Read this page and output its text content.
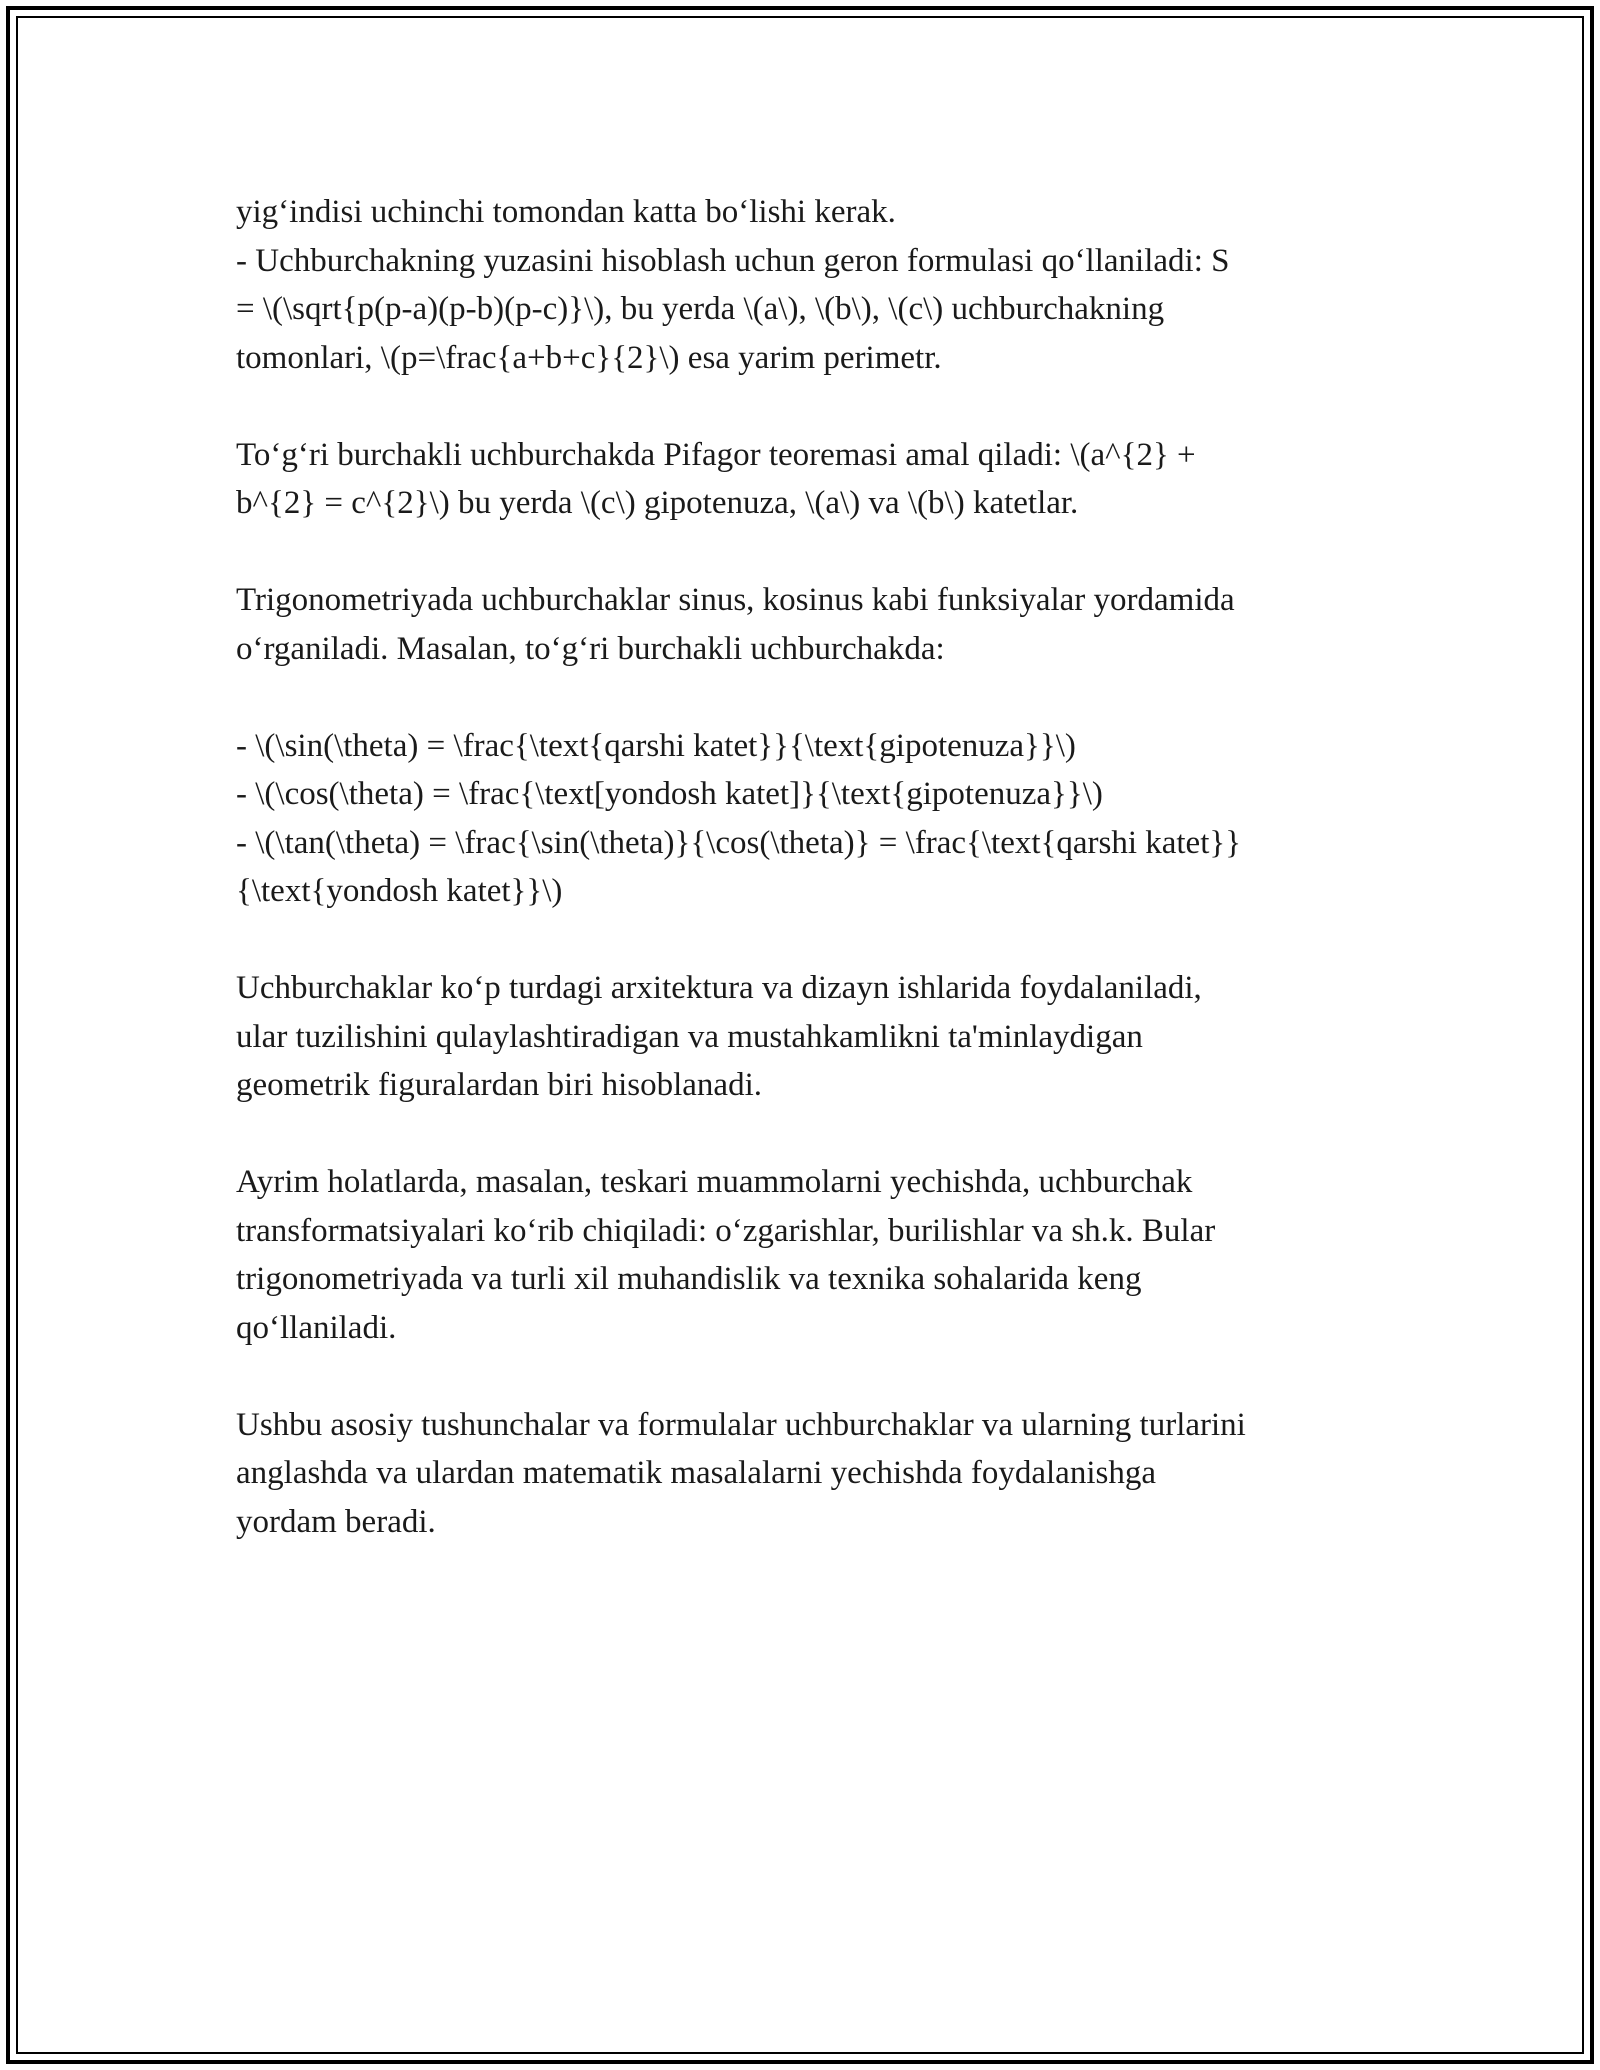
yig‘indisi uchinchi tomondan katta bo‘lishi kerak.
- Uchburchakning yuzasini hisoblash uchun geron formulasi qo‘llaniladi: S
= \(\sqrt{p(p-a)(p-b)(p-c)}\), bu yerda \(a\), \(b\), \(c\) uchburchakning
tomonlari, \(p=\frac{a+b+c}{2}\) esa yarim perimetr.
To‘g‘ri burchakli uchburchakda Pifagor teoremasi amal qiladi: \(a^{2} +
b^{2} = c^{2}\) bu yerda \(c\) gipotenuza, \(a\) va \(b\) katetlar.
Trigonometriyada uchburchaklar sinus, kosinus kabi funksiyalar yordamida
o‘rganiladi. Masalan, to‘g‘ri burchakli uchburchakda:
- \(\sin(\theta) = \frac{\text{qarshi katet}}{\text{gipotenuza}}\)
- \(\cos(\theta) = \frac{\text[yondosh katet]}{\text{gipotenuza}}\)
- \(\tan(\theta) = \frac{\sin(\theta)}{\cos(\theta)} = \frac{\text{qarshi katet}}
{\text{yondosh katet}}\)
Uchburchaklar ko‘p turdagi arxitektura va dizayn ishlarida foydalaniladi,
ular tuzilishini qulaylashtiradigan va mustahkamlikni ta'minlaydigan
geometrik figuralardan biri hisoblanadi.
Ayrim holatlarda, masalan, teskari muammolarni yechishda, uchburchak
transformatsiyalari ko‘rib chiqiladi: o‘zgarishlar, burilishlar va sh.k. Bular
trigonometriyada va turli xil muhandislik va texnika sohalarida keng
qo‘llaniladi.
Ushbu asosiy tushunchalar va formulalar uchburchaklar va ularning turlarini
anglashda va ulardan matematik masalalarni yechishda foydalanishga
yordam beradi.
